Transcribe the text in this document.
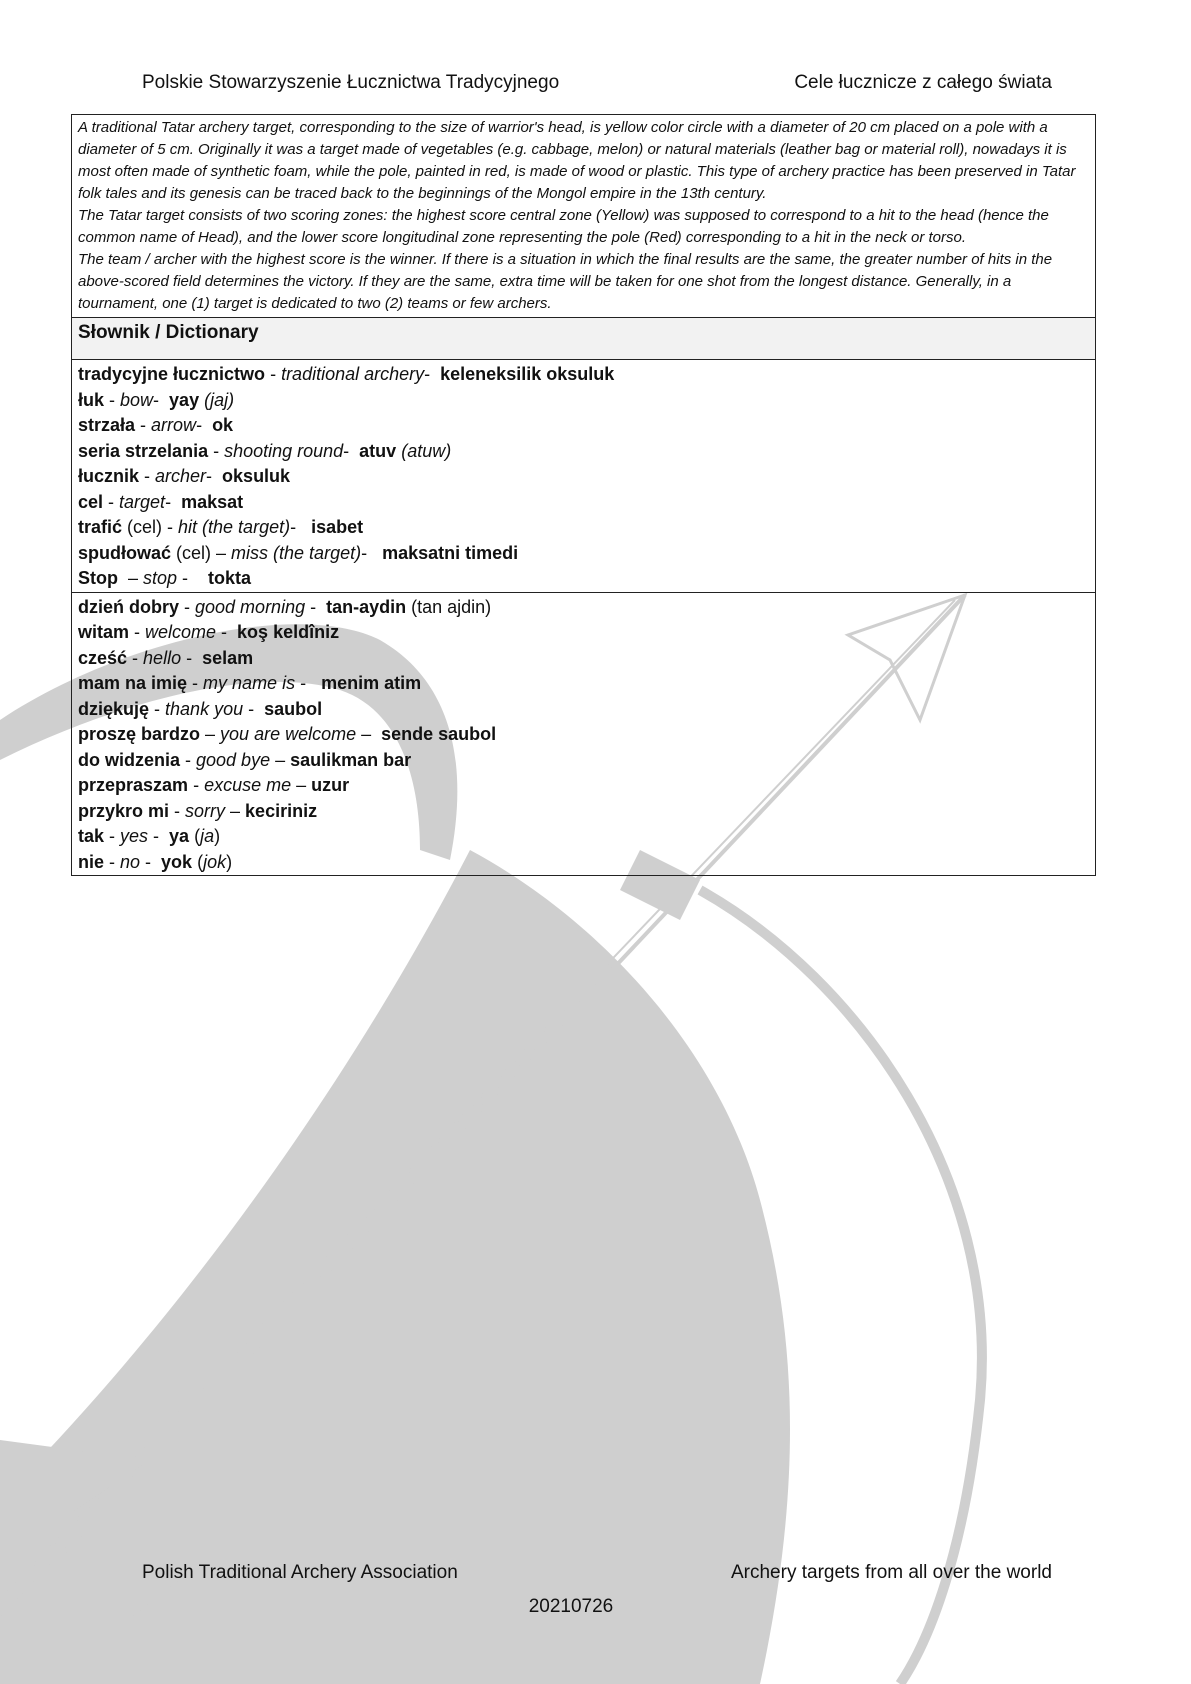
Polskie Stowarzyszenie Łucznictwa Tradycyjnego	Cele łucznicze z całego świata

A traditional Tatar archery target, corresponding to the size of warrior's head, is yellow color circle with a diameter of 20 cm placed on a pole with a diameter of 5 cm. Originally it was a target made of vegetables (e.g. cabbage, melon) or natural materials (leather bag or material roll), nowadays it is most often made of synthetic foam, while the pole, painted in red, is made of wood or plastic. This type of archery practice has been preserved in Tatar folk tales and its genesis can be traced back to the beginnings of the Mongol empire in the 13th century.

The Tatar target consists of two scoring zones: the highest score central zone (Yellow) was supposed to correspond to a hit to the head (hence the common name of Head), and the lower score longitudinal zone representing the pole (Red) corresponding to a hit in the neck or torso.

The team / archer with the highest score is the winner. If there is a situation in which the final results are the same, the greater number of hits in the above-scored field determines the victory. If they are the same, extra time will be taken for one shot from the longest distance. Generally, in a tournament, one (1) target is dedicated to two (2) teams or few archers.

Słownik / Dictionary
tradycyjne łucznictwo - traditional archery-  keleneksilik oksuluk
łuk - bow-  yay (jaj)
strzała - arrow-  ok
seria strzelania - shooting round-  atuv (atuw)
łucznik - archer-  oksuluk
cel - target-  maksat
trafić (cel) - hit (the target)-   isabet
spudłować (cel) – miss (the target)-   maksatni timedi
Stop  – stop -    tokta
dzień dobry - good morning -  tan-aydin (tan ajdin)
witam - welcome -  koş keldîniz
cześć - hello -  selam
mam na imię - my name is -   menim atim
dziękuję - thank you -  saubol
proszę bardzo – you are welcome –  sende saubol
do widzenia - good bye – saulikman bar
przepraszam - excuse me – uzur
przykro mi - sorry – keciriniz
tak - yes -  ya (ja)
nie - no -  yok (jok)
Polish Traditional Archery Association	Archery targets from all over the world
20210726
